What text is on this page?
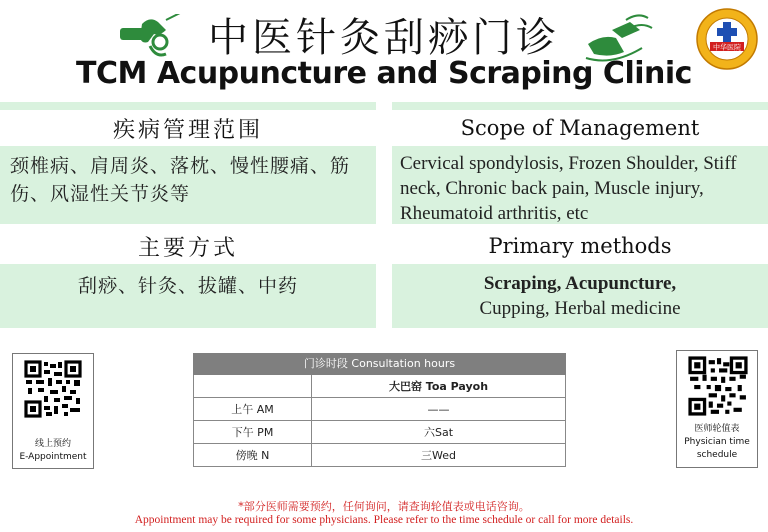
中医针灸刮痧门诊	中华医院
TCM Acupuncture and Scraping Clinic
疾病管理范围	Scope of Management
颈椎病、肩周炎、落枕、慢性腰痛、筋伤、风湿性关节炎等
Cervical spondylosis, Frozen Shoulder, Stiff neck, Chronic back pain, Muscle injury, Rheumatoid arthritis, etc
主要方式	Primary methods
刮痧、针灸、拔罐、中药	Scraping, Acupuncture,
Cupping, Herbal medicine
线上预约
E-Appointment
门诊时段 Consultation hours
大巴窑 Toa Payoh
上午 AM	——
下午 PM	六Sat
傍晚 N	三Wed
医师轮值表
Physician time
schedule
*部分医师需要预约，任何询问，请查询轮值表或电话咨询。
Appointment may be required for some physicians. Please refer to the time schedule or call for more details.
